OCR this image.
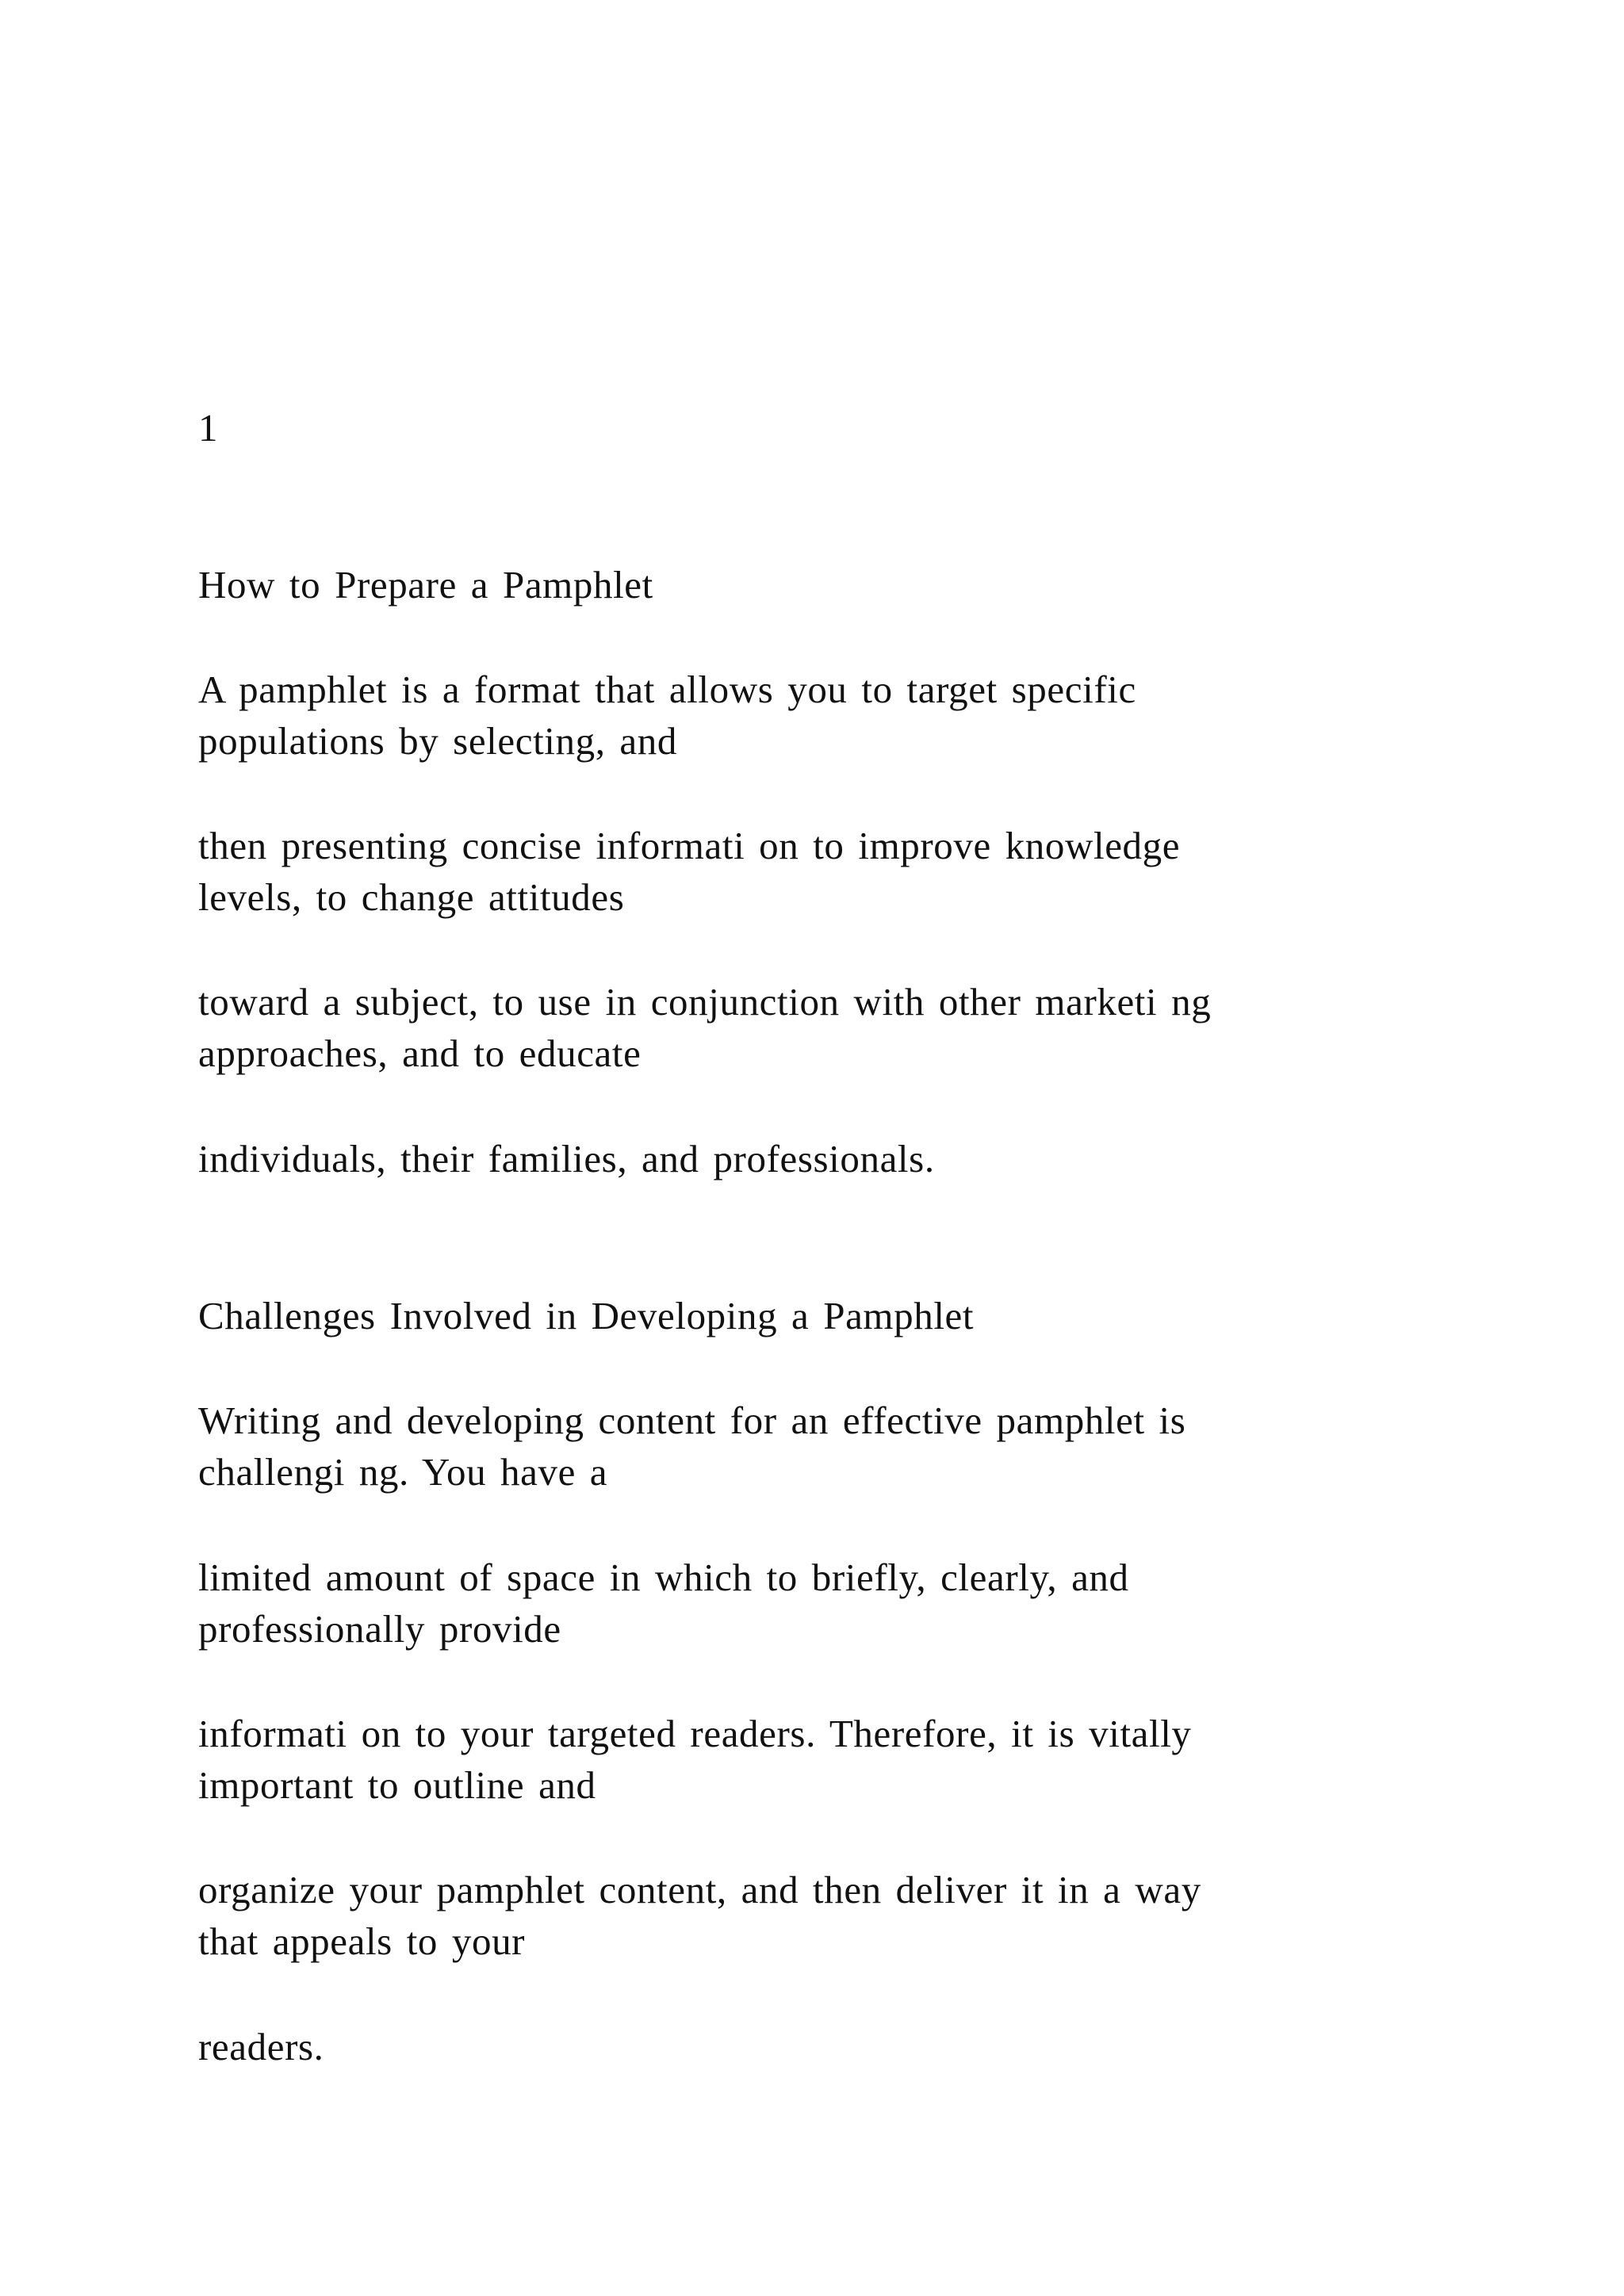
1
How to Prepare a Pamphlet
A pamphlet is a format that allows you to target specific
populations by selecting, and
then presenting concise informati on to improve knowledge
levels, to change attitudes
toward a subject, to use in conjunction with other marketi ng
approaches, and to educate
individuals, their families, and professionals.
Challenges Involved in Developing a Pamphlet
Writing and developing content for an effective pamphlet is
challengi ng. You have a
limited amount of space in which to briefly, clearly, and
professionally provide
informati on to your targeted readers. Therefore, it is vitally
important to outline and
organize your pamphlet content, and then deliver it in a way
that appeals to your
readers.
